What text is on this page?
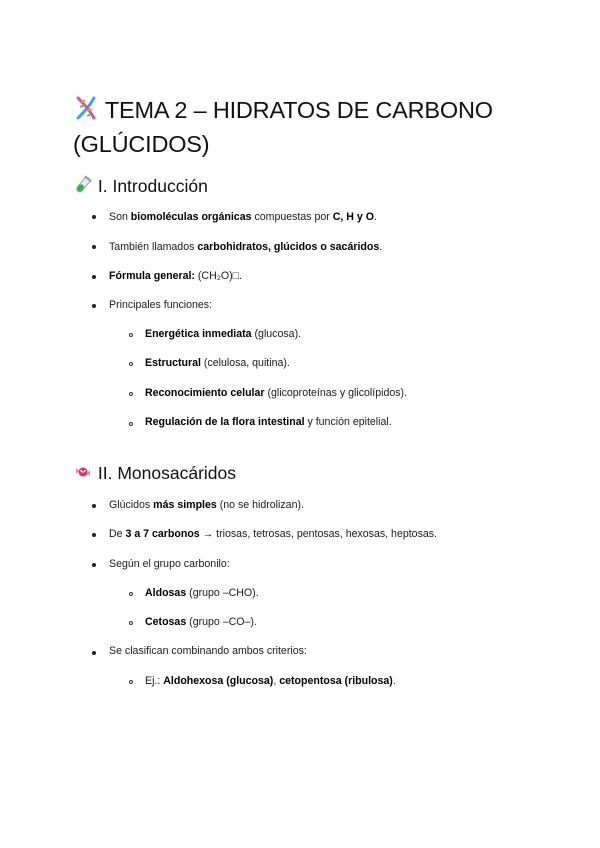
TEMA 2 – HIDRATOS DE CARBONO (GLÚCIDOS)
I. Introducción
Son biomoléculas orgánicas compuestas por C, H y O.
También llamados carbohidratos, glúcidos o sacáridos.
Fórmula general: (CH₂O)□.
Principales funciones:
Energética inmediata (glucosa).
Estructural (celulosa, quitina).
Reconocimiento celular (glicoproteínas y glicolípidos).
Regulación de la flora intestinal y función epitelial.
II. Monosacáridos
Glúcidos más simples (no se hidrolizan).
De 3 a 7 carbonos → triosas, tetrosas, pentosas, hexosas, heptosas.
Según el grupo carbonilo:
Aldosas (grupo –CHO).
Cetosas (grupo –CO–).
Se clasifican combinando ambos criterios:
Ej.: Aldohexosa (glucosa), cetopentosa (ribulosa).
